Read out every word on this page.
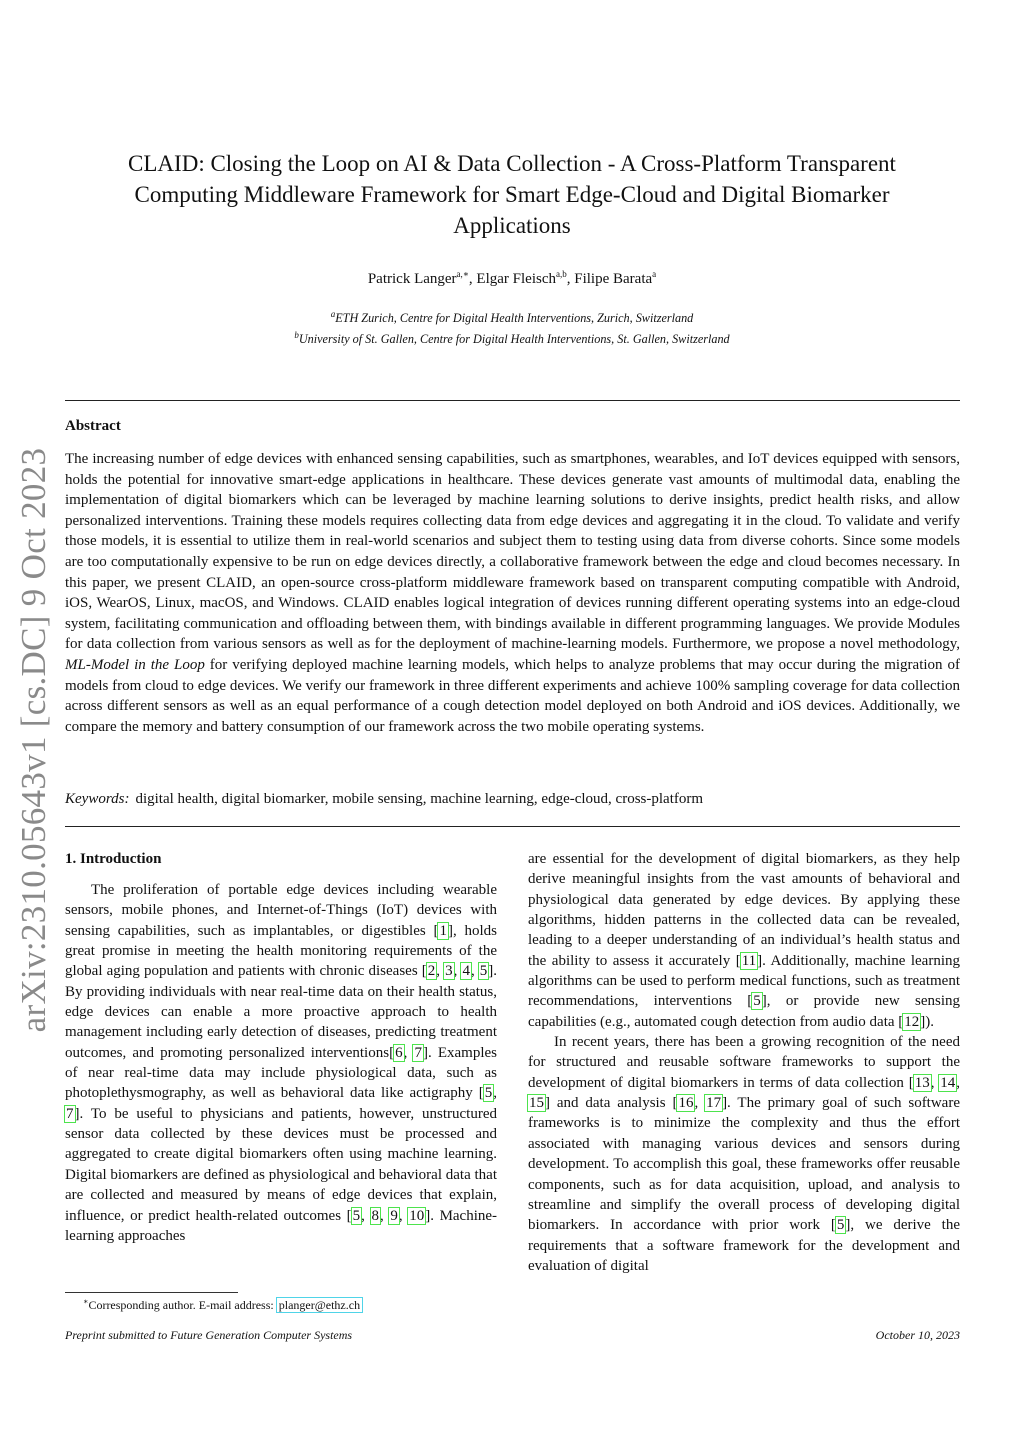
arXiv:2310.05643v1 [cs.DC] 9 Oct 2023
CLAID: Closing the Loop on AI & Data Collection - A Cross-Platform Transparent Computing Middleware Framework for Smart Edge-Cloud and Digital Biomarker Applications
Patrick Langer$^{a,∗}$, Elgar Fleisch$^{a,b}$, Filipe Barata$^a$
$^a$ETH Zurich, Centre for Digital Health Interventions, Zurich, Switzerland
$^b$University of St. Gallen, Centre for Digital Health Interventions, St. Gallen, Switzerland
Abstract
The increasing number of edge devices with enhanced sensing capabilities, such as smartphones, wearables, and IoT devices equipped with sensors, holds the potential for innovative smart-edge applications in healthcare. These devices generate vast amounts of multimodal data, enabling the implementation of digital biomarkers which can be leveraged by machine learning solutions to derive insights, predict health risks, and allow personalized interventions. Training these models requires collecting data from edge devices and aggregating it in the cloud. To validate and verify those models, it is essential to utilize them in real-world scenarios and subject them to testing using data from diverse cohorts. Since some models are too computationally expensive to be run on edge devices directly, a collaborative framework between the edge and cloud becomes necessary. In this paper, we present CLAID, an open-source cross-platform middleware framework based on transparent computing compatible with Android, iOS, WearOS, Linux, macOS, and Windows. CLAID enables logical integration of devices running different operating systems into an edge-cloud system, facilitating communication and offloading between them, with bindings available in different programming languages. We provide Modules for data collection from various sensors as well as for the deployment of machine-learning models. Furthermore, we propose a novel methodology, ML-Model in the Loop for verifying deployed machine learning models, which helps to analyze problems that may occur during the migration of models from cloud to edge devices. We verify our framework in three different experiments and achieve 100% sampling coverage for data collection across different sensors as well as an equal performance of a cough detection model deployed on both Android and iOS devices. Additionally, we compare the memory and battery consumption of our framework across the two mobile operating systems.
Keywords: digital health, digital biomarker, mobile sensing, machine learning, edge-cloud, cross-platform
1. Introduction

The proliferation of portable edge devices including wearable sensors, mobile phones, and Internet-of-Things (IoT) devices with sensing capabilities, such as implantables, or digestibles [1], holds great promise in meeting the health monitoring requirements of the global aging population and patients with chronic diseases [2, 3, 4, 5]. By providing individuals with near real-time data on their health status, edge devices can enable a more proactive approach to health management including early detection of diseases, predicting treatment outcomes, and promoting personalized interventions[6, 7]. Examples of near real-time data may include physiological data, such as photoplethysmography, as well as behavioral data like actigraphy [5, 7]. To be useful to physicians and patients, however, unstructured sensor data collected by these devices must be processed and aggregated to create digital biomarkers often using machine learning. Digital biomarkers are defined as physiological and behavioral data that are collected and measured by means of edge devices that explain, influence, or predict health-related outcomes [5, 8, 9, 10]. Machine-learning approaches

are essential for the development of digital biomarkers, as they help derive meaningful insights from the vast amounts of behavioral and physiological data generated by edge devices. By applying these algorithms, hidden patterns in the collected data can be revealed, leading to a deeper understanding of an individual’s health status and the ability to assess it accurately [11]. Additionally, machine learning algorithms can be used to perform medical functions, such as treatment recommendations, interventions [5], or provide new sensing capabilities (e.g., automated cough detection from audio data [12]).

In recent years, there has been a growing recognition of the need for structured and reusable software frameworks to support the development of digital biomarkers in terms of data collection [13, 14, 15] and data analysis [16, 17]. The primary goal of such software frameworks is to minimize the complexity and thus the effort associated with managing various devices and sensors during development. To accomplish this goal, these frameworks offer reusable components, such as for data acquisition, upload, and analysis to streamline and simplify the overall process of developing digital biomarkers. In accordance with prior work [5], we derive the requirements that a software framework for the development and evaluation of digital

∗Corresponding author. E-mail address: planger@ethz.ch
Preprint submitted to Future Generation Computer Systems	October 10, 2023
